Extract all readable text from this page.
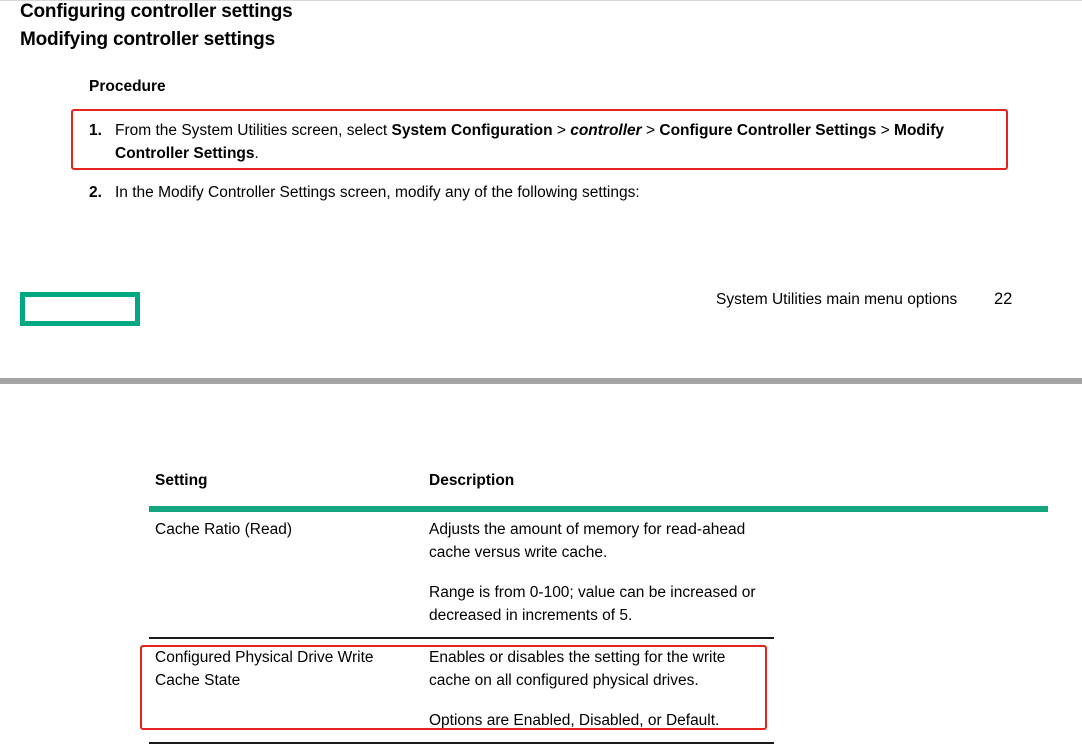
Configuring controller settings
Modifying controller settings
Procedure
1. From the System Utilities screen, select System Configuration > controller > Configure Controller Settings > Modify Controller Settings.
2. In the Modify Controller Settings screen, modify any of the following settings:
System Utilities main menu options 22
Setting	Description
Cache Ratio (Read)	Adjusts the amount of memory for read-ahead cache versus write cache.
Range is from 0-100; value can be increased or decreased in increments of 5.
Configured Physical Drive Write Cache State
Enables or disables the setting for the write cache on all configured physical drives.
Options are Enabled, Disabled, or Default.
